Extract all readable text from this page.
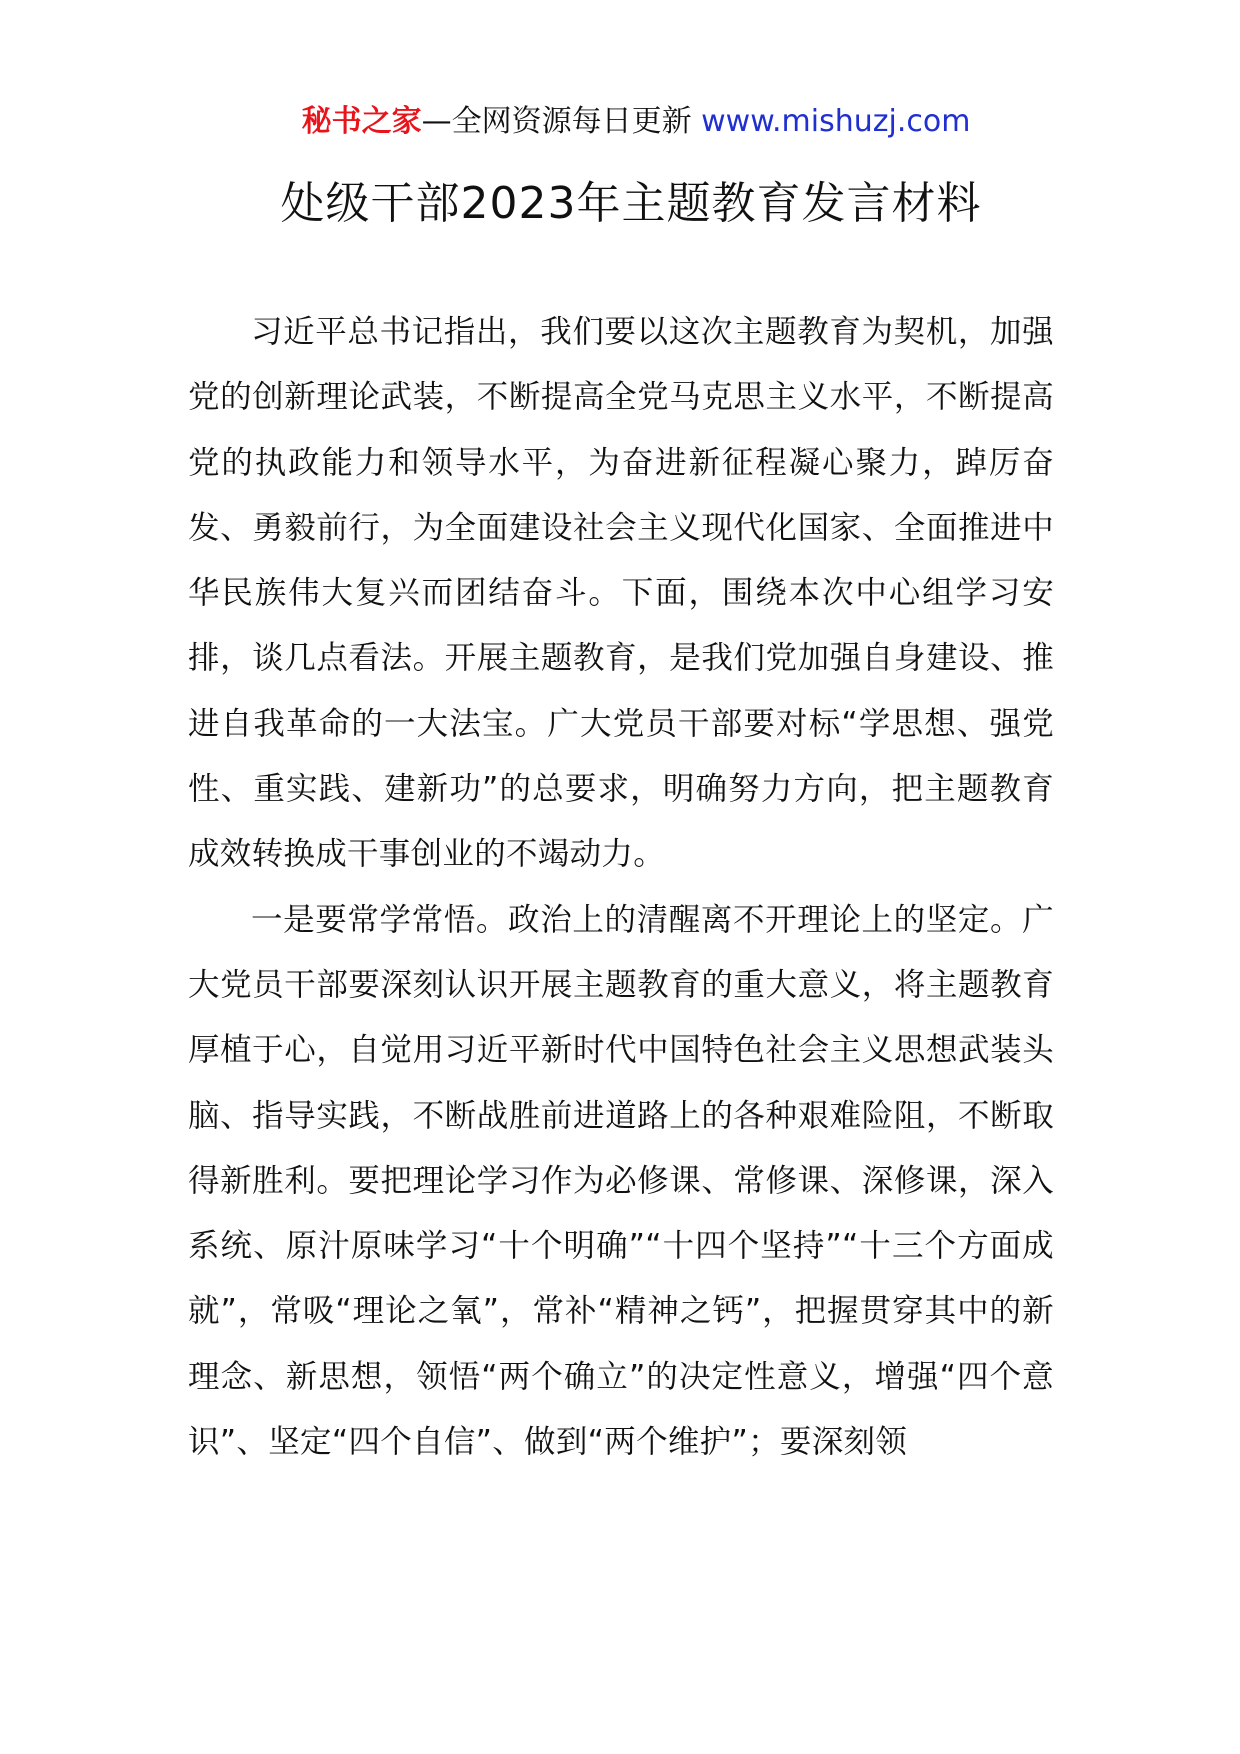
秘书之家—全网资源每日更新 www.mishuzj.com
处级干部2023年主题教育发言材料

习近平总书记指出，我们要以这次主题教育为契机，加强党的创新理论武装，不断提高全党马克思主义水平，不断提高党的执政能力和领导水平，为奋进新征程凝心聚力，踔厉奋发、勇毅前行，为全面建设社会主义现代化国家、全面推进中华民族伟大复兴而团结奋斗。下面，围绕本次中心组学习安排，谈几点看法。开展主题教育，是我们党加强自身建设、推进自我革命的一大法宝。广大党员干部要对标“学思想、强党性、重实践、建新功”的总要求，明确努力方向，把主题教育成效转换成干事创业的不竭动力。

一是要常学常悟。政治上的清醒离不开理论上的坚定。广大党员干部要深刻认识开展主题教育的重大意义，将主题教育厚植于心，自觉用习近平新时代中国特色社会主义思想武装头脑、指导实践，不断战胜前进道路上的各种艰难险阻，不断取得新胜利。要把理论学习作为必修课、常修课、深修课，深入系统、原汁原味学习“十个明确”“十四个坚持”“十三个方面成就”，常吸“理论之氧”，常补“精神之钙”，把握贯穿其中的新理念、新思想，领悟“两个确立”的决定性意义，增强“四个意识”、坚定“四个自信”、做到“两个维护”；要深刻领
